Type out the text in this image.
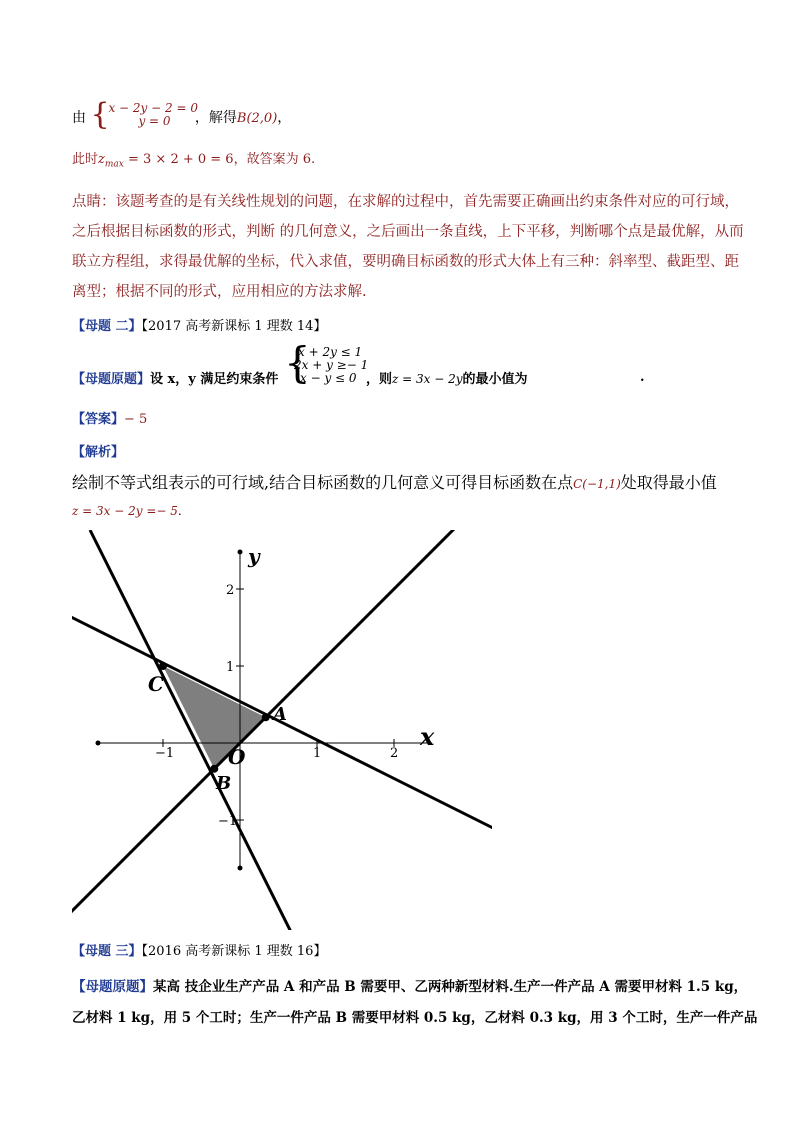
由 {
x − 2y − 2 = 0
y = 0	，解得B(2,0)，
此时$z_{max} = 3 \times 2 + 0 = 6$，故答案为 6.
点睛：该题考查的是有关线性规划的问题，在求解的过程中，首先需要正确画出约束条件对应的可行域，
之后根据目标函数的形式，判断 的几何意义，之后画出一条直线，上下平移，判断哪个点是最优解，从而
联立方程组，求得最优解的坐标，代入求值，要明确目标函数的形式大体上有三种：斜率型、截距型、距
离型；根据不同的形式，应用相应的方法求解.
【母题 二】【2017 高考新课标 1 理数 14】
【母题原题】设 x，y 满足约束条件 {
x + 2y ≤ 1
2x + y ≥− 1
x − y ≤ 0 ，则z = 3x − 2y的最小值为	.
【答案】− 5
【解析】
绘制不等式组表示的可行域,结合目标函数的几何意义可得目标函数在点C(−1,1)处取得最小值
z = 3x − 2y =− 5.
−1	1	2
2
1
−1
x
y
C
A
B
O
【母题 三】【2016 高考新课标 1 理数 16】
【母题原题】某高 技企业生产产品 A 和产品 B 需要甲、乙两种新型材料.生产一件产品 A 需要甲材料 1.5 kg，
乙材料 1 kg，用 5 个工时；生产一件产品 B 需要甲材料 0.5 kg，乙材料 0.3 kg，用 3 个工时，生产一件产品
